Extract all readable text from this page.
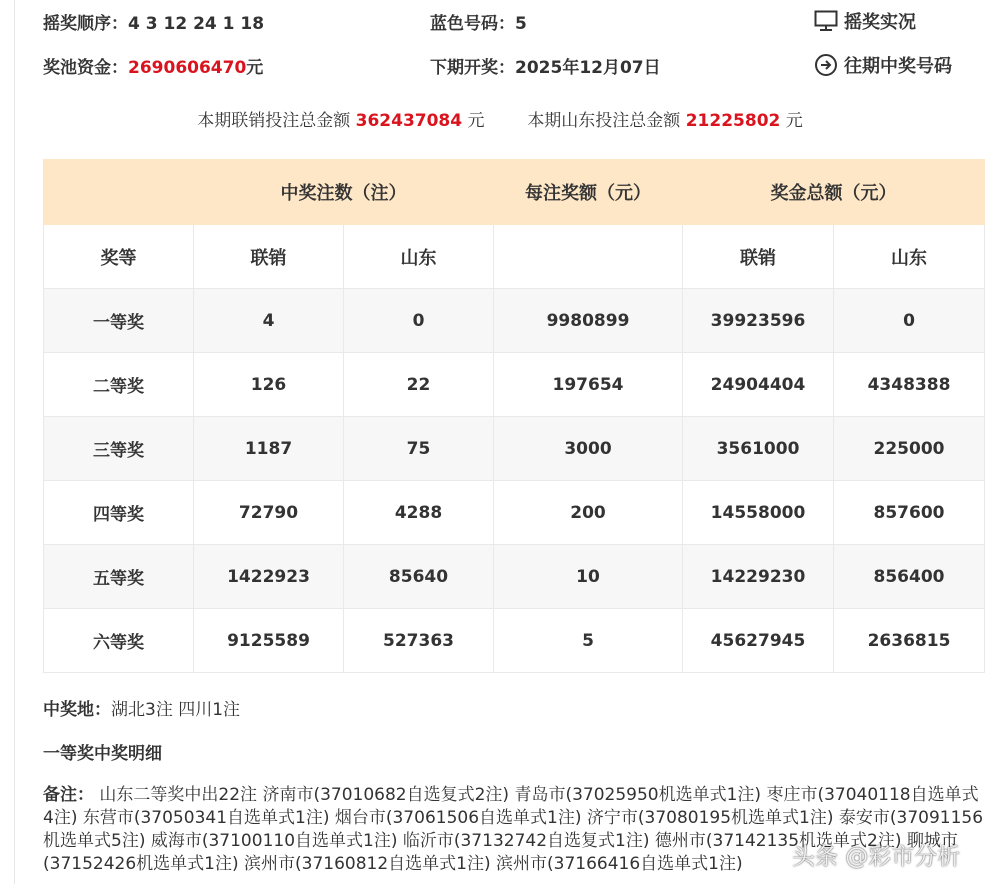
摇奖顺序：4 3 12 24 1 18	蓝色号码：5	摇奖实况
奖池资金：2690606470元	下期开奖：2025年12月07日	往期中奖号码
本期联销投注总金额 362437084 元	本期山东投注总金额 21225802 元
	中奖注数（注）		每注奖额（元）	奖金总额（元）	
奖等	联销	山东		联销	山东
一等奖	4	0	9980899	39923596	0
二等奖	126	22	197654	24904404	4348388
三等奖	1187	75	3000	3561000	225000
四等奖	72790	4288	200	14558000	857600
五等奖	1422923	85640	10	14229230	856400
六等奖	9125589	527363	5	45627945	2636815
中奖地：湖北3注 四川1注
一等奖中奖明细
备注： 山东二等奖中出22注 济南市(37010682自选复式2注) 青岛市(37025950机选单式1注) 枣庄市(37040118自选单式4注) 东营市(37050341自选单式1注) 烟台市(37061506自选单式1注) 济宁市(37080195机选单式1注) 泰安市(37091156机选单式5注) 威海市(37100110自选单式1注) 临沂市(37132742自选复式1注) 德州市(37142135机选单式2注) 聊城市(37152426机选单式1注) 滨州市(37160812自选单式1注) 滨州市(37166416自选单式1注)	头条 @彩市分析
